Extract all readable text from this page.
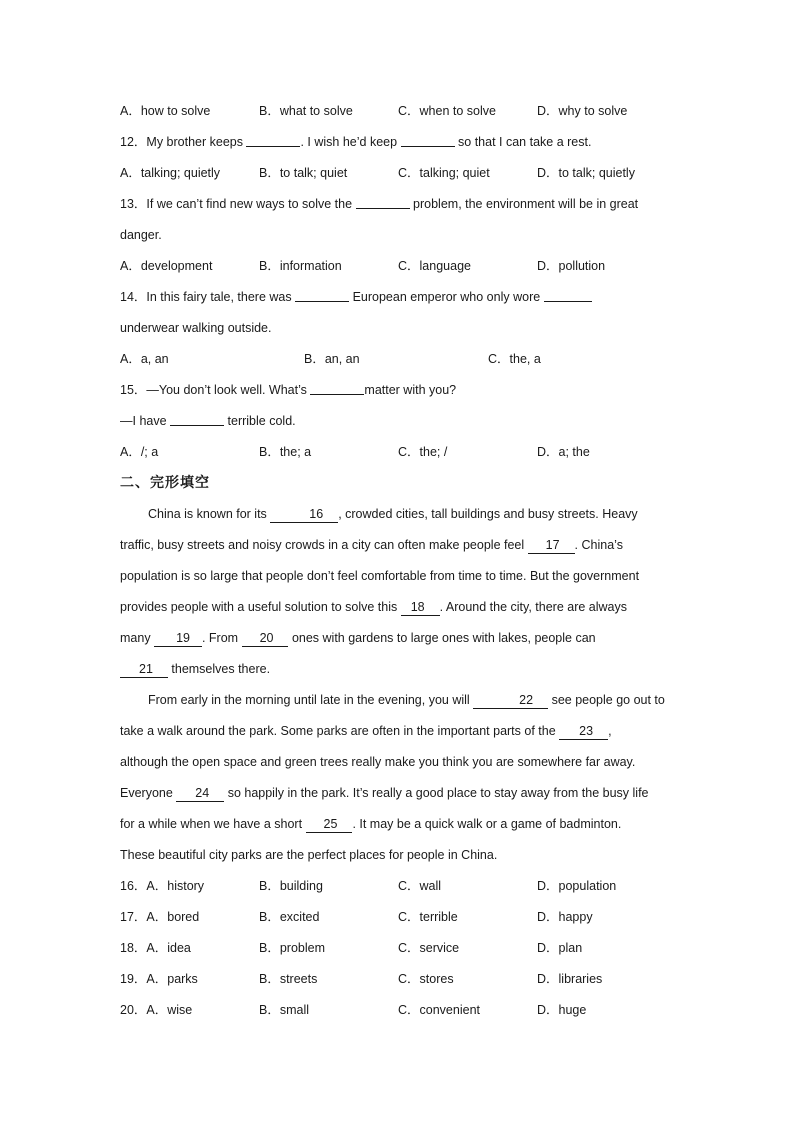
A．how to solve	B．what to solve	C．when to solve	D．why to solve
12．My brother keeps	. I wish he’d keep	so that I can take a rest.
A．talking; quietly	B．to talk; quiet	C．talking; quiet	D．to talk; quietly
13．If we can’t find new ways to solve the	problem, the environment will be in great
danger.
A．development	B．information	C．language	D．pollution
14．In this fairy tale, there was	European emperor who only wore
underwear walking outside.
A．a, an	B．an, an	C．the, a
15．—You don’t look well. What’s	matter with you?
—I have	terrible cold.
A．/; a	B．the; a	C．the; /	D．a; the
二、完形填空
China is known for its	16 , crowded cities, tall buildings and busy streets. Heavy
traffic, busy streets and noisy crowds in a city can often make people feel 17 . China’s
population is so large that people don’t feel comfortable from time to time. But the government
provides people with a useful solution to solve this 18 . Around the city, there are always
many 19 . From 20 ones with gardens to large ones with lakes, people can
21 themselves there.
From early in the morning until late in the evening, you will	22 see people go out to
take a walk around the park. Some parks are often in the important parts of the 23 ,
although the open space and green trees really make you think you are somewhere far away.
Everyone 24 so happily in the park. It’s really a good place to stay away from the busy life
for a while when we have a short 25 . It may be a quick walk or a game of badminton.
These beautiful city parks are the perfect places for people in China.
16．A．history	B．building	C．wall	D．population
17．A．bored	B．excited	C．terrible	D．happy
18．A．idea	B．problem	C．service	D．plan
19．A．parks	B．streets	C．stores	D．libraries
20．A．wise	B．small	C．convenient	D．huge
